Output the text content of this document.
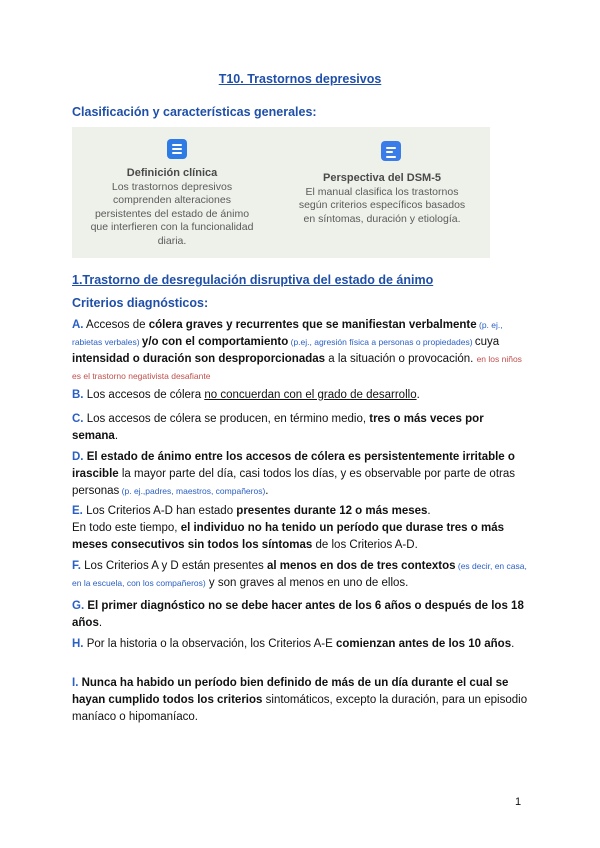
T10. Trastornos depresivos
Clasificación y características generales:
Definición clínica
Los trastornos depresivos
comprenden alteraciones
persistentes del estado de ánimo
que interfieren con la funcionalidad
diaria.
Perspectiva del DSM-5
El manual clasifica los trastornos
según criterios específicos basados
en síntomas, duración y etiología.
1.Trastorno de desregulación disruptiva del estado de ánimo
Criterios diagnósticos:
A. Accesos de cólera graves y recurrentes que se manifiestan verbalmente (p. ej., rabietas verbales) y/o con el comportamiento (p.ej., agresión física a personas o propiedades) cuya intensidad o duración son desproporcionadas a la situación o provocación. en los niños es el trastorno negativista desafiante
B. Los accesos de cólera no concuerdan con el grado de desarrollo.
C. Los accesos de cólera se producen, en término medio, tres o más veces por semana.
D. El estado de ánimo entre los accesos de cólera es persistentemente irritable o irascible la mayor parte del día, casi todos los días, y es observable por parte de otras personas (p. ej.,padres, maestros, compañeros).
E. Los Criterios A-D han estado presentes durante 12 o más meses.
En todo este tiempo, el individuo no ha tenido un período que durase tres o más meses consecutivos sin todos los síntomas de los Criterios A-D.
F. Los Criterios A y D están presentes al menos en dos de tres contextos (es decir, en casa, en la escuela, con los compañeros) y son graves al menos en uno de ellos.
G. El primer diagnóstico no se debe hacer antes de los 6 años o después de los 18 años.
H. Por la historia o la observación, los Criterios A-E comienzan antes de los 10 años.
I. Nunca ha habido un período bien definido de más de un día durante el cual se hayan cumplido todos los criterios sintomáticos, excepto la duración, para un episodio maníaco o hipomaníaco.
1
